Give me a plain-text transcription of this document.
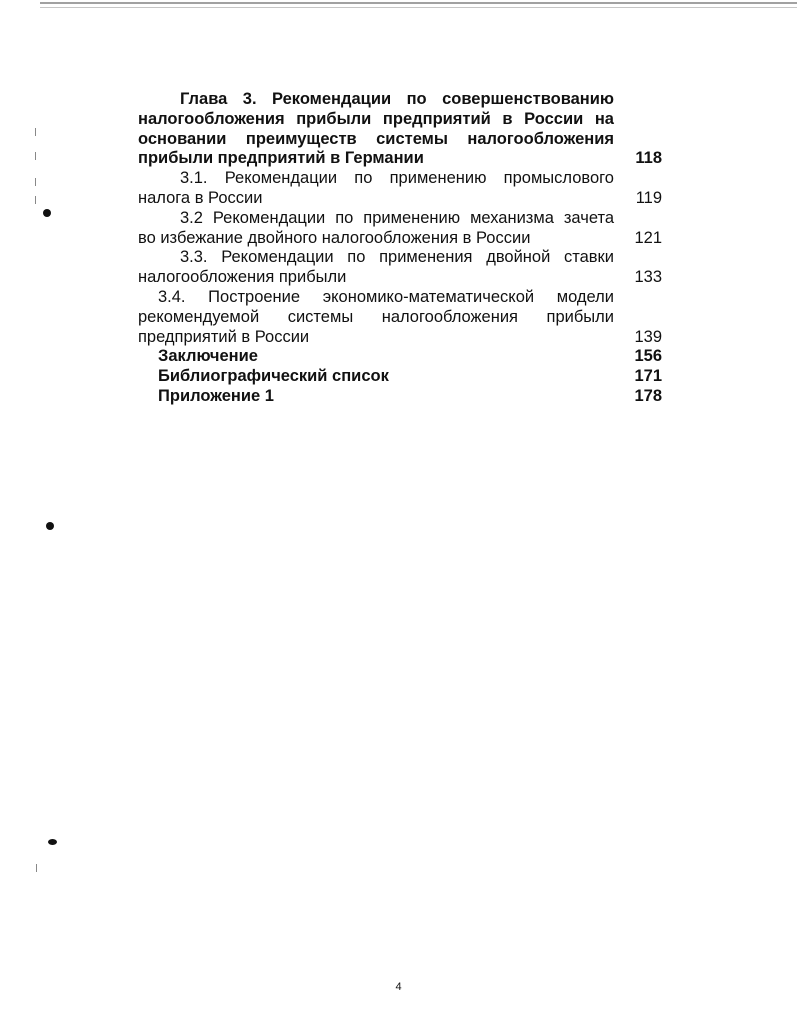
Глава 3. Рекомендации по совершенствованию
налогообложения прибыли предприятий в России на
основании преимуществ системы налогообложения
прибыли предприятий в Германии	118
3.1. Рекомендации по применению промыслового
налога в России	119
3.2 Рекомендации по применению механизма зачета
во избежание двойного налогообложения в России	121
3.3. Рекомендации по применения двойной ставки
налогообложения прибыли	133
3.4. Построение экономико-математической модели
рекомендуемой системы налогообложения прибыли
предприятий в России	139
Заключение	156
Библиографический список	171
Приложение 1	178
4
